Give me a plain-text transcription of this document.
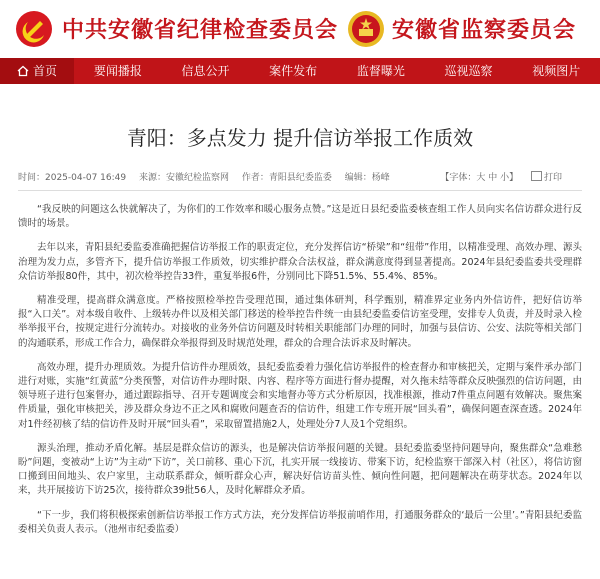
中共安徽省纪律检查委员会 安徽省监察委员会
首页	要闻播报	信息公开	案件发布	监督曝光	巡视巡察	视频图片
青阳：多点发力 提升信访举报工作质效
时间：2025-04-07 16:49 来源：安徽纪检监察网 作者：青阳县纪委监委 编辑：杨峰	【字体：大 中 小】	打印

“我反映的问题这么快就解决了，为你们的工作效率和暖心服务点赞。”这是近日县纪委监委核查组工作人员向实名信访群众进行反馈时的场景。

去年以来，青阳县纪委监委准确把握信访举报工作的职责定位，充分发挥信访“桥梁”和“纽带”作用，以精准受理、高效办理、源头治理为发力点，多管齐下，提升信访举报工作质效，切实维护群众合法权益，群众满意度得到显著提高。2024年县纪委监委共受理群众信访举报80件，其中，初次检举控告33件，重复举报6件，分别同比下降51.5%、55.4%、85%。

精准受理，提高群众满意度。严格按照检举控告受理范围，通过集体研判，科学甄别，精准界定业务内外信访件，把好信访举报“入口关”。对本级自收件、上级转办件以及相关部门移送的检举控告件统一由县纪委监委信访室受理，安排专人负责，并及时录入检举举报平台，按规定进行分流转办。对接收的业务外信访问题及时转相关职能部门办理的同时，加强与县信访、公安、法院等相关部门的沟通联系，形成工作合力，确保群众举报得到及时规范处理，群众的合理合法诉求及时解决。

高效办理，提升办理质效。为提升信访件办理质效，县纪委监委着力强化信访举报件的检查督办和审核把关，定期与案件承办部门进行对账，实施“红黄蓝”分类预警，对信访件办理时限、内容、程序等方面进行督办提醒，对久拖未结等群众反映强烈的信访问题，由领导班子进行包案督办，通过跟踪指导、召开专题调度会和实地督办等方式分析原因，找准根源，推动7件重点问题有效解决。聚焦案件质量，强化审核把关，涉及群众身边不正之风和腐败问题查否的信访件，组建工作专班开展“回头看”，确保问题查深查透。2024年对1件经初核了结的信访件及时开展“回头看”，采取留置措施2人，处理处分7人及1个党组织。

源头治理，推动矛盾化解。基层是群众信访的源头，也是解决信访举报问题的关键。县纪委监委坚持问题导向，聚焦群众“急难愁盼”问题，变被动“上访”为主动“下访”，关口前移、重心下沉，扎实开展一线接访、带案下访，纪检监察干部深入村（社区），将信访窗口搬到田间地头、农户家里，主动联系群众，倾听群众心声，解决好信访苗头性、倾向性问题，把问题解决在萌芽状态。2024年以来，共开展接访下访25次，接待群众39批56人，及时化解群众矛盾。

“下一步，我们将积极探索创新信访举报工作方式方法，充分发挥信访举报前哨作用，打通服务群众的‘最后一公里’。”青阳县纪委监委相关负责人表示。（池州市纪委监委）
